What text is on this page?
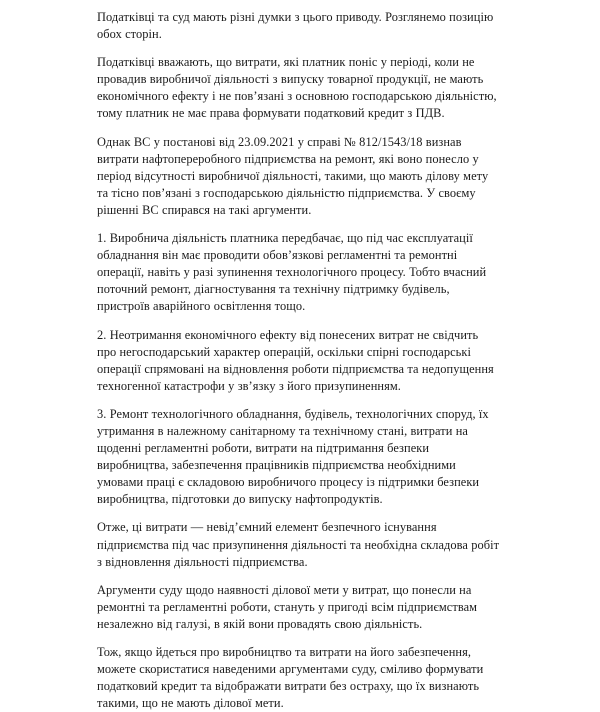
Податківці та суд мають різні думки з цього приводу. Розглянемо позицію обох сторін.

Податківці вважають, що витрати, які платник поніс у періоді, коли не провадив виробничої діяльності з випуску товарної продукції, не мають економічного ефекту і не пов’язані з основною господарською діяльністю, тому платник не має права формувати податковий кредит з ПДВ.

Однак ВС у постанові від 23.09.2021 у справі № 812/1543/18 визнав витрати нафтопереробного підприємства на ремонт, які воно понесло у період відсутності виробничої діяльності, такими, що мають ділову мету та тісно пов’язані з господарською діяльністю підприємства. У своєму рішенні ВС спирався на такі аргументи.

1. Виробнича діяльність платника передбачає, що під час експлуатації обладнання він має проводити обов’язкові регламентні та ремонтні операції, навіть у разі зупинення технологічного процесу. Тобто вчасний поточний ремонт, діагностування та технічну підтримку будівель, пристроїв аварійного освітлення тощо.

2. Неотримання економічного ефекту від понесених витрат не свідчить про негосподарський характер операцій, оскільки спірні господарські операції спрямовані на відновлення роботи підприємства та недопущення техногенної катастрофи у зв’язку з його призупиненням.

3. Ремонт технологічного обладнання, будівель, технологічних споруд, їх утримання в належному санітарному та технічному стані, витрати на щоденні регламентні роботи, витрати на підтримання безпеки виробництва, забезпечення працівників підприємства необхідними умовами праці є складовою виробничого процесу із підтримки безпеки виробництва, підготовки до випуску нафтопродуктів.

Отже, ці витрати — невід’ємний елемент безпечного існування підприємства під час призупинення діяльності та необхідна складова робіт з відновлення діяльності підприємства.

Аргументи суду щодо наявності ділової мети у витрат, що понесли на ремонтні та регламентні роботи, стануть у пригоді всім підприємствам незалежно від галузі, в якій вони провадять свою діяльність.

Тож, якщо йдеться про виробництво та витрати на його забезпечення, можете скористатися наведеними аргументами суду, сміливо формувати податковий кредит та відображати витрати без остраху, що їх визнають такими, що не мають ділової мети.
